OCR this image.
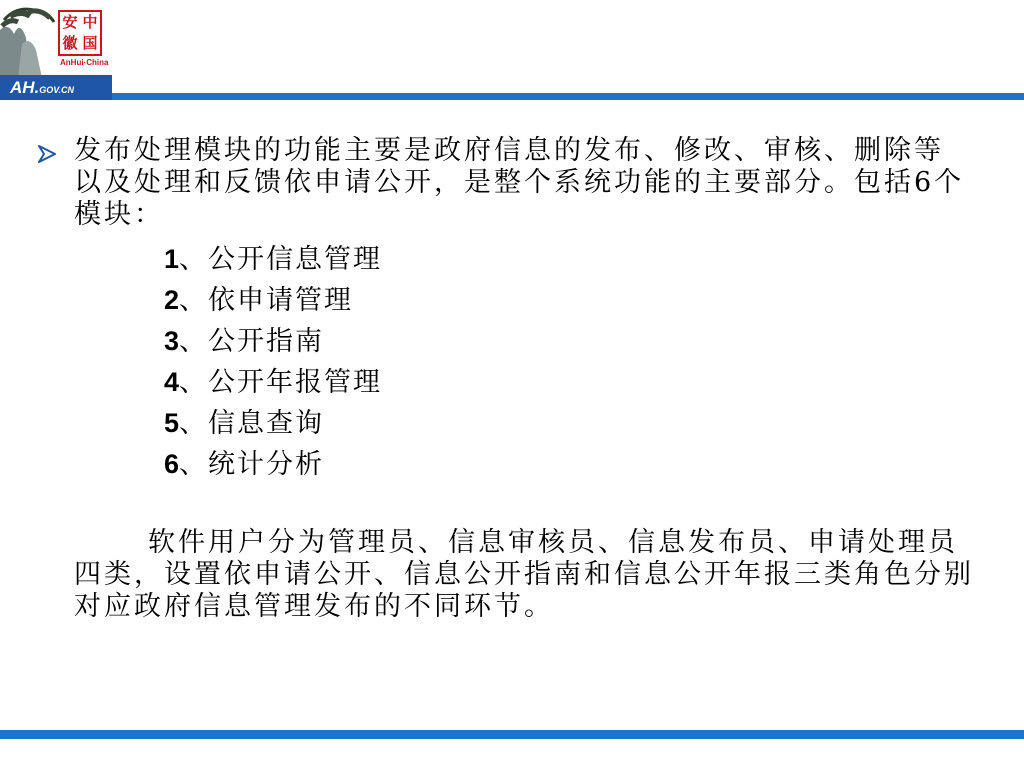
安 中
徽 国
AnHui·China
AH.GOV.CN

发布处理模块的功能主要是政府信息的发布、修改、审核、删除等以及处理和反馈依申请公开，是整个系统功能的主要部分。包括6个模块：

1、公开信息管理
2、依申请管理
3、公开指南
4、公开年报管理
5、信息查询
6、统计分析

软件用户分为管理员、信息审核员、信息发布员、申请处理员四类，设置依申请公开、信息公开指南和信息公开年报三类角色分别对应政府信息管理发布的不同环节。
